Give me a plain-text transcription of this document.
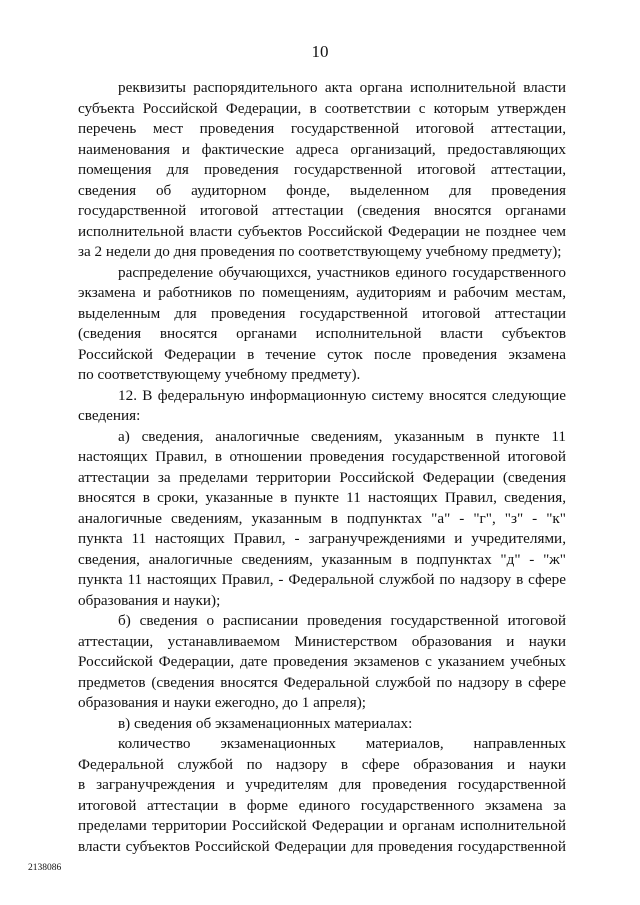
10

реквизиты распорядительного акта органа исполнительной власти
субъекта Российской Федерации, в соответствии с которым утвержден
перечень мест проведения государственной итоговой аттестации,
наименования и фактические адреса организаций, предоставляющих
помещения для проведения государственной итоговой аттестации,
сведения об аудиторном фонде, выделенном для проведения
государственной итоговой аттестации (сведения вносятся органами
исполнительной власти субъектов Российской Федерации не позднее чем
за 2 недели до дня проведения по соответствующему учебному предмету);

распределение обучающихся, участников единого государственного
экзамена и работников по помещениям, аудиториям и рабочим местам,
выделенным для проведения государственной итоговой аттестации
(сведения вносятся органами исполнительной власти субъектов
Российской Федерации в течение суток после проведения экзамена
по соответствующему учебному предмету).

12. В федеральную информационную систему вносятся следующие
сведения:

а) сведения, аналогичные сведениям, указанным в пункте 11
настоящих Правил, в отношении проведения государственной итоговой
аттестации за пределами территории Российской Федерации (сведения
вносятся в сроки, указанные в пункте 11 настоящих Правил, сведения,
аналогичные сведениям, указанным в подпунктах "а" - "г", "з" - "к"
пункта 11 настоящих Правил, - загранучреждениями и учредителями,
сведения, аналогичные сведениям, указанным в подпунктах "д" - "ж"
пункта 11 настоящих Правил, - Федеральной службой по надзору в сфере
образования и науки);

б) сведения о расписании проведения государственной итоговой
аттестации, устанавливаемом Министерством образования и науки
Российской Федерации, дате проведения экзаменов с указанием учебных
предметов (сведения вносятся Федеральной службой по надзору в сфере
образования и науки ежегодно, до 1 апреля);

в) сведения об экзаменационных материалах:

количество экзаменационных материалов, направленных
Федеральной службой по надзору в сфере образования и науки
в загранучреждения и учредителям для проведения государственной
итоговой аттестации в форме единого государственного экзамена за
пределами территории Российской Федерации и органам исполнительной
власти субъектов Российской Федерации для проведения государственной

2138086
